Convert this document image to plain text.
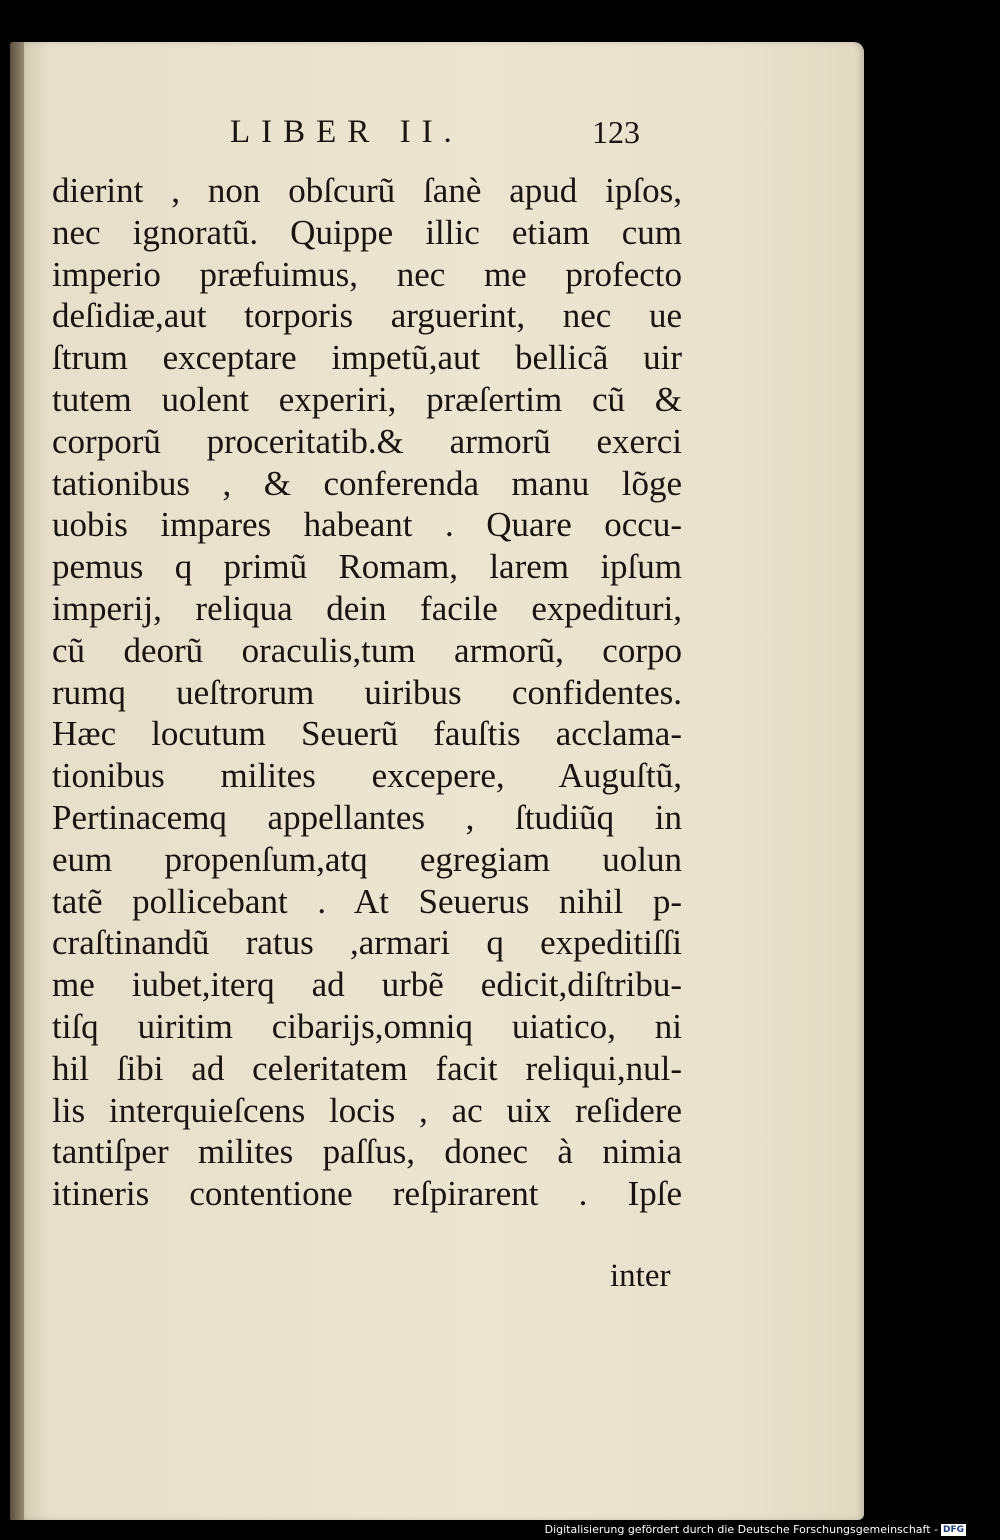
LIBER II.	123
dierint , non obſcurũ ſanè apud ipſos,
nec ignoratũ. Quippe illic etiam cum
imperio præfuimus, nec me profecto
deſidiæ,aut torporis arguerint, nec ue
ſtrum exceptare impetũ,aut bellicã uir
tutem uolent experiri, præſertim cũ &
corporũ proceritatib.& armorũ exerci
tationibus , & conferenda manu lõge
uobis impares habeant . Quare occu-
pemus q primũ Romam, larem ipſum
imperij, reliqua dein facile expedituri,
cũ deorũ oraculis,tum armorũ, corpo
rumq ueſtrorum uiribus confidentes.
Hæc locutum Seuerũ fauſtis acclama-
tionibus milites excepere, Auguſtũ,
Pertinacemq appellantes , ſtudiũq in
eum propenſum,atq egregiam uolun
tatẽ pollicebant . At Seuerus nihil p-
craſtinandũ ratus ,armari q expeditiſſi
me iubet,iterq ad urbẽ edicit,diſtribu-
tiſq uiritim cibarijs,omniq uiatico, ni
hil ſibi ad celeritatem facit reliqui,nul-
lis interquieſcens locis , ac uix reſidere
tantiſper milites paſſus, donec à nimia
itineris contentione reſpirarent . Ipſe
inter
Digitalisierung gefördert durch die Deutsche Forschungsgemeinschaft - DFG
